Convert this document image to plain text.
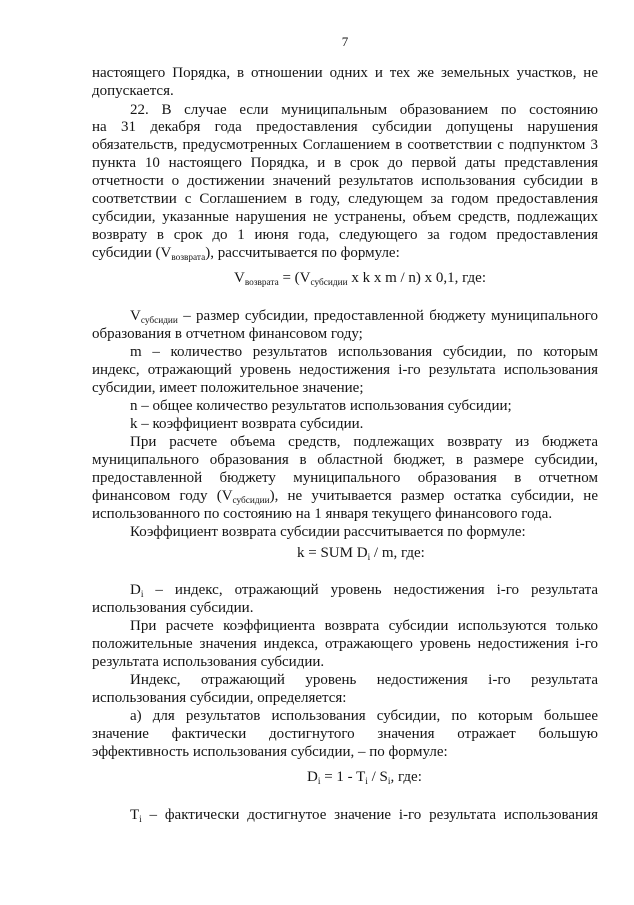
7
настоящего Порядка, в отношении одних и тех же земельных участков, не
допускается.
22. В случае если муниципальным образованием по состоянию
на 31 декабря года предоставления субсидии допущены нарушения
обязательств, предусмотренных Соглашением в соответствии с подпунктом 3
пункта 10 настоящего Порядка, и в срок до первой даты представления
отчетности о достижении значений результатов использования субсидии в
соответствии с Соглашением в году, следующем за годом предоставления
субсидии, указанные нарушения не устранены, объем средств, подлежащих
возврату в срок до 1 июня года, следующего за годом предоставления
субсидии (Vвозврата), рассчитывается по формуле:
Vвозврата = (Vсубсидии x k x m / n) x 0,1, где:
Vсубсидии – размер субсидии, предоставленной бюджету муниципального
образования в отчетном финансовом году;
m – количество результатов использования субсидии, по которым
индекс, отражающий уровень недостижения i-го результата использования
субсидии, имеет положительное значение;
n – общее количество результатов использования субсидии;
k – коэффициент возврата субсидии.
При расчете объема средств, подлежащих возврату из бюджета
муниципального образования в областной бюджет, в размере субсидии,
предоставленной бюджету муниципального образования в отчетном
финансовом году (Vсубсидии), не учитывается размер остатка субсидии, не
использованного по состоянию на 1 января текущего финансового года.
Коэффициент возврата субсидии рассчитывается по формуле:
k = SUM Di / m, где:
Di – индекс, отражающий уровень недостижения i-го результата
использования субсидии.
При расчете коэффициента возврата субсидии используются только
положительные значения индекса, отражающего уровень недостижения i-го
результата использования субсидии.
Индекс, отражающий уровень недостижения i-го результата
использования субсидии, определяется:
а) для результатов использования субсидии, по которым большее
значение фактически достигнутого значения отражает большую
эффективность использования субсидии, – по формуле:
Di = 1 - Ti / Si, где:
Ti – фактически достигнутое значение i-го результата использования
